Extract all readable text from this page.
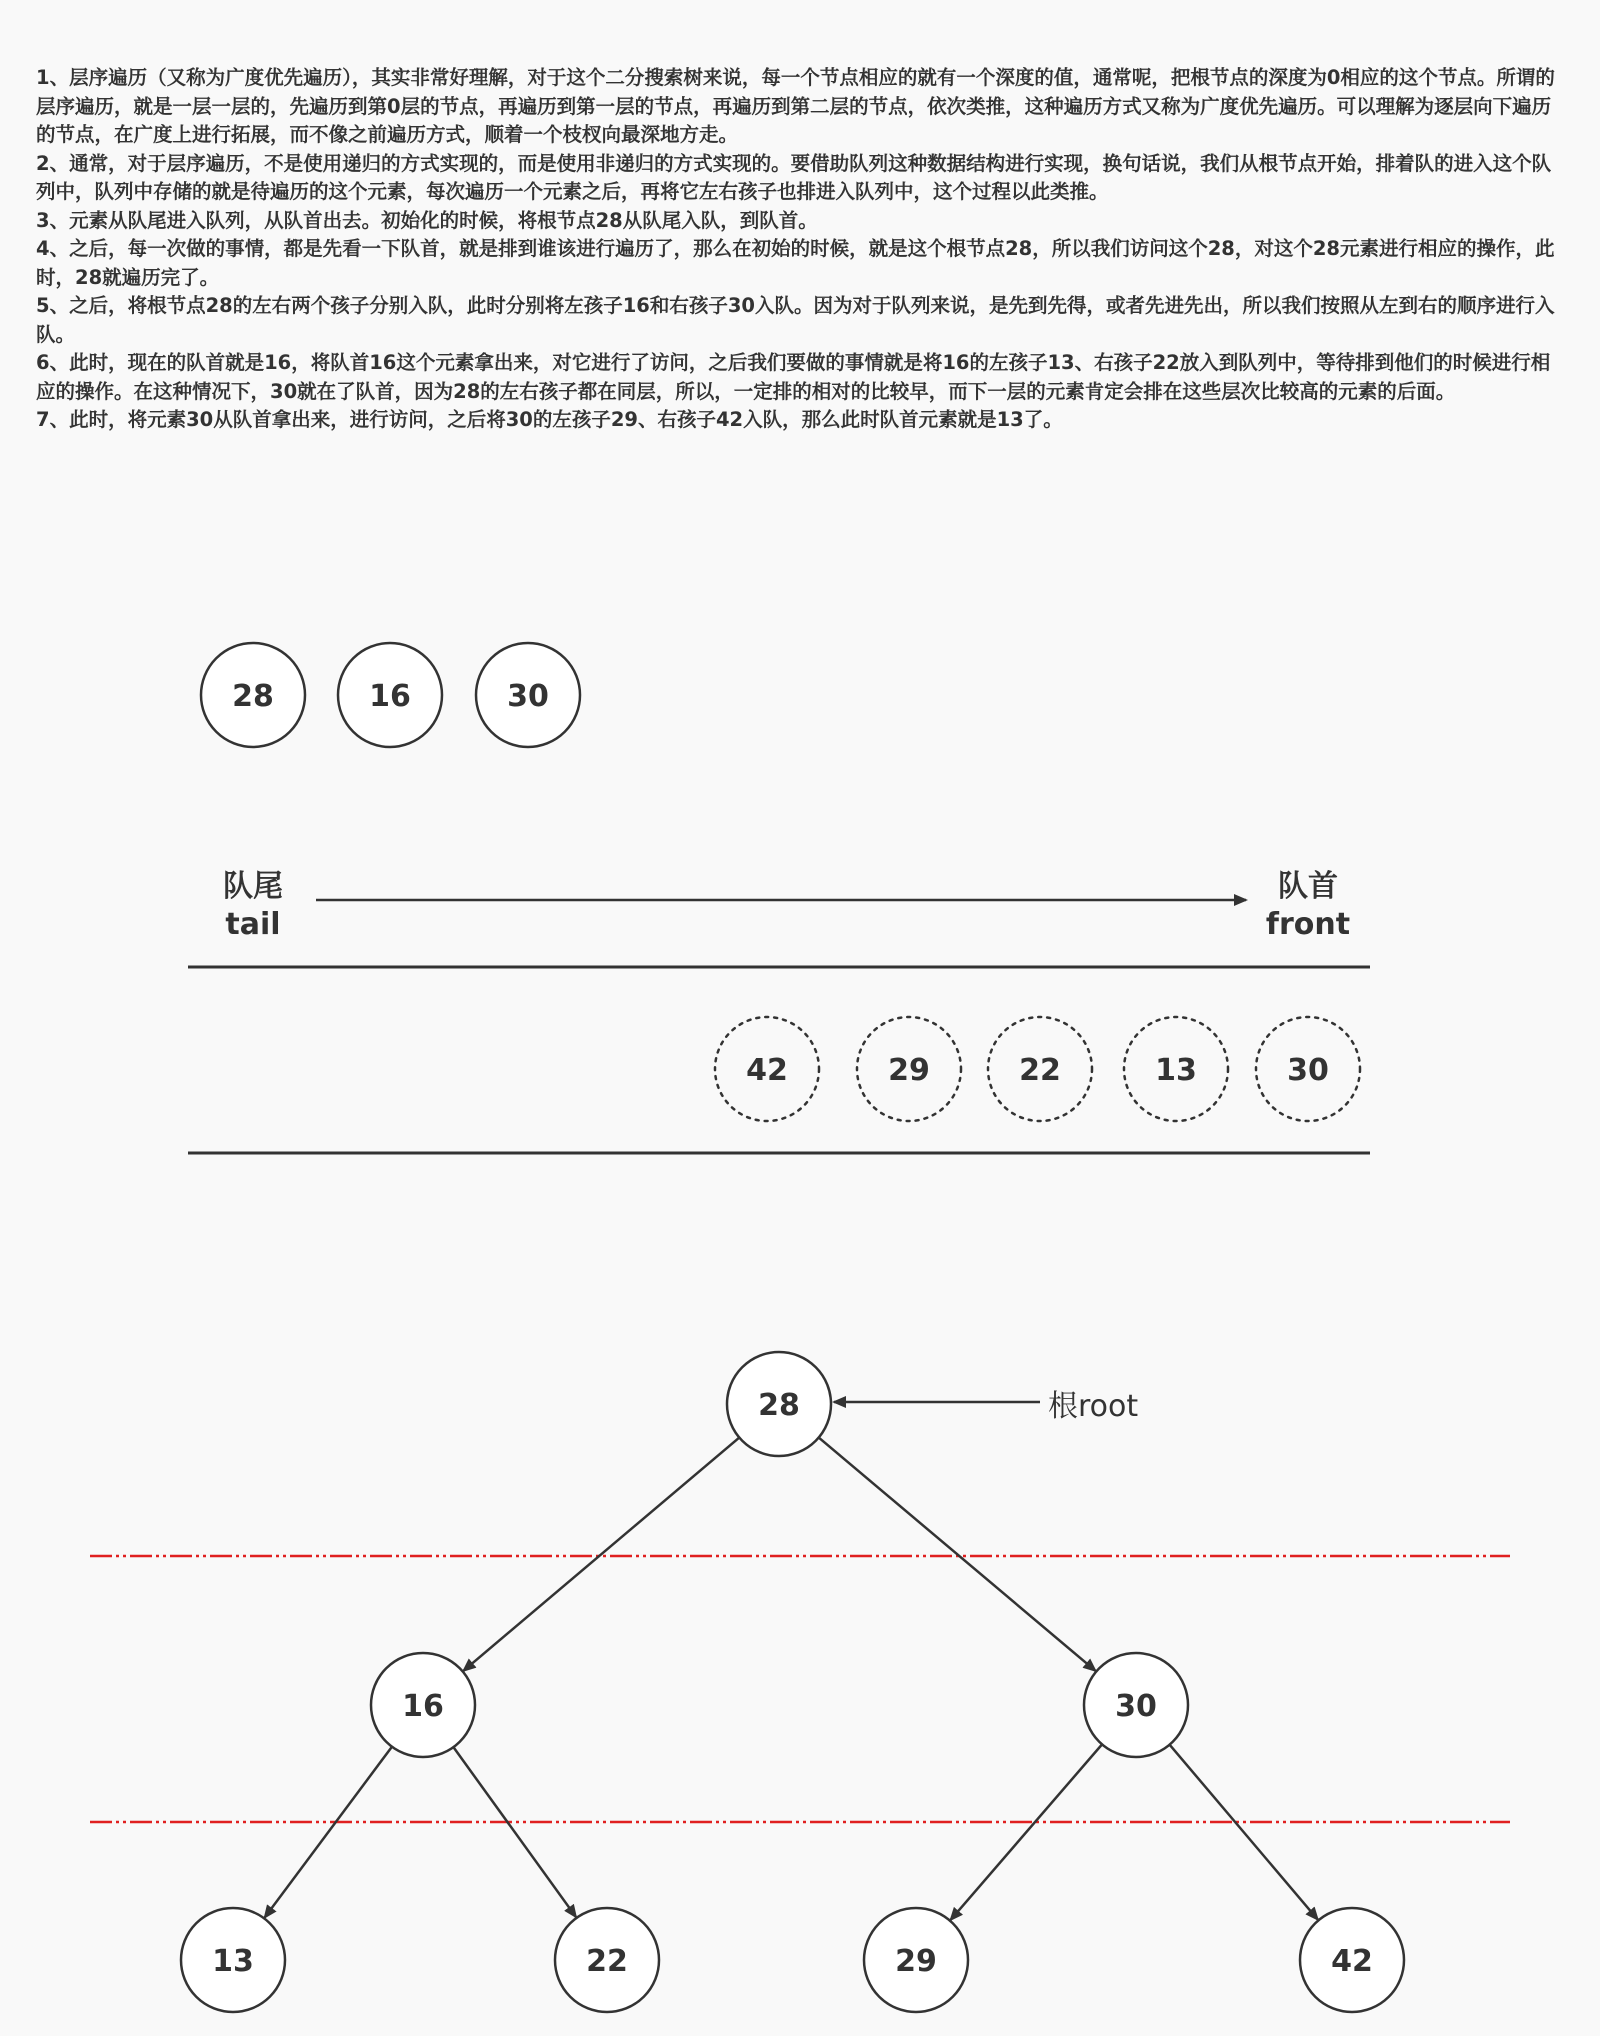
1、层序遍历（又称为广度优先遍历），其实非常好理解，对于这个二分搜索树来说，每一个节点相应的就有一个深度的值，通常呢，把根节点的深度为0相应的这个节点。所谓的层序遍历，就是一层一层的，先遍历到第0层的节点，再遍历到第一层的节点，再遍历到第二层的节点，依次类推，这种遍历方式又称为广度优先遍历。可以理解为逐层向下遍历的节点，在广度上进行拓展，而不像之前遍历方式，顺着一个枝杈向最深地方走。

2、通常，对于层序遍历，不是使用递归的方式实现的，而是使用非递归的方式实现的。要借助队列这种数据结构进行实现，换句话说，我们从根节点开始，排着队的进入这个队列中，队列中存储的就是待遍历的这个元素，每次遍历一个元素之后，再将它左右孩子也排进入队列中，这个过程以此类推。

3、元素从队尾进入队列，从队首出去。初始化的时候，将根节点28从队尾入队，到队首。

4、之后，每一次做的事情，都是先看一下队首，就是排到谁该进行遍历了，那么在初始的时候，就是这个根节点28，所以我们访问这个28，对这个28元素进行相应的操作，此时，28就遍历完了。

5、之后，将根节点28的左右两个孩子分别入队，此时分别将左孩子16和右孩子30入队。因为对于队列来说，是先到先得，或者先进先出，所以我们按照从左到右的顺序进行入队。

6、此时，现在的队首就是16，将队首16这个元素拿出来，对它进行了访问，之后我们要做的事情就是将16的左孩子13、右孩子22放入到队列中，等待排到他们的时候进行相应的操作。在这种情况下，30就在了队首，因为28的左右孩子都在同层，所以，一定排的相对的比较早，而下一层的元素肯定会排在这些层次比较高的元素的后面。

7、此时，将元素30从队首拿出来，进行访问，之后将30的左孩子29、右孩子42入队，那么此时队首元素就是13了。

28	16	30
队尾
tail
队首
front
42	29	22	13	30
28
16	30
13	22	29	42
根root
